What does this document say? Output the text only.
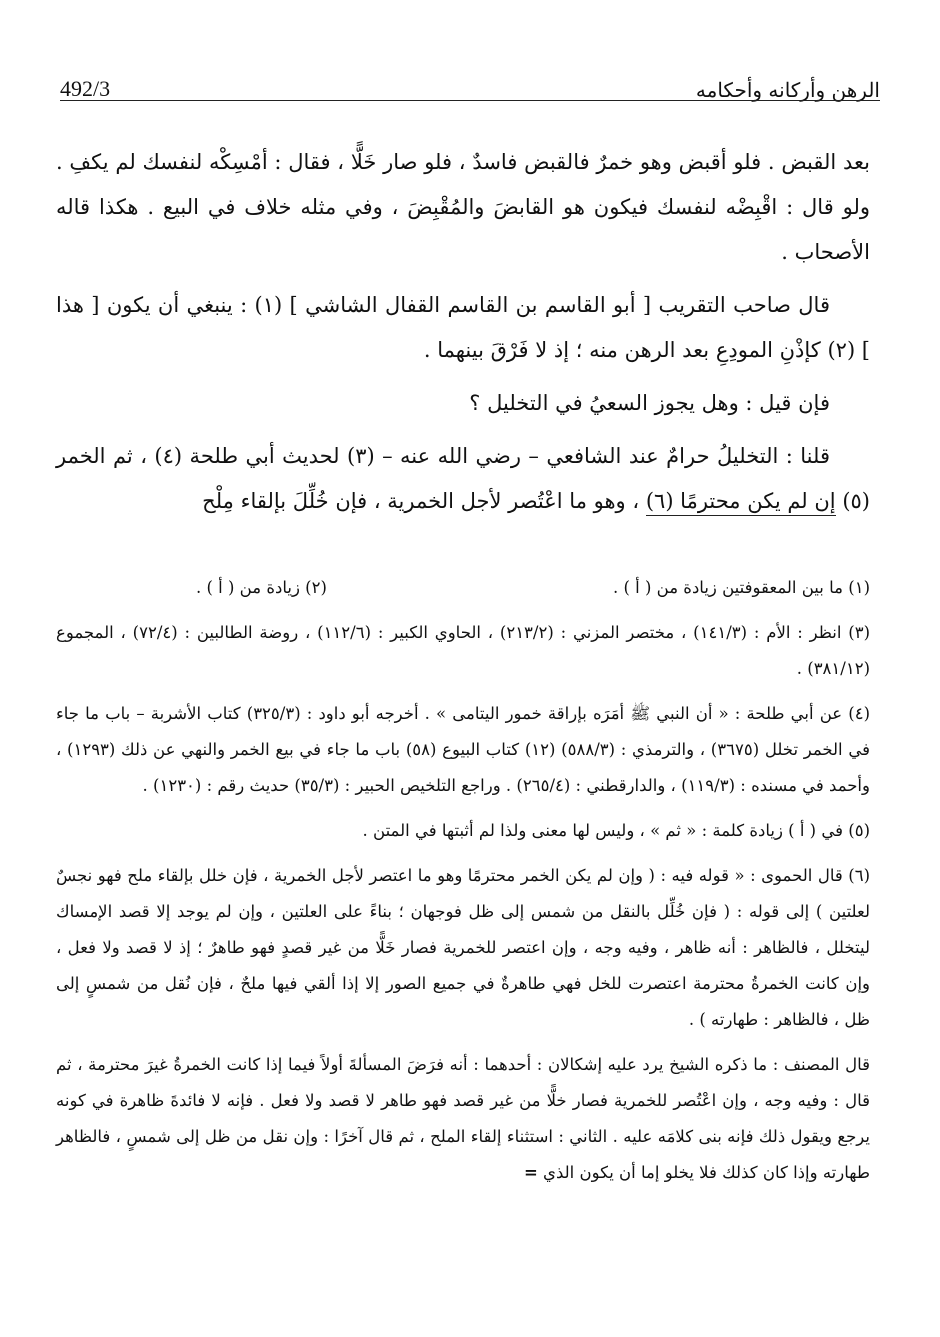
الرهن وأركانه وأحكامه
492/3

بعد القبض . فلو أقبض وهو خمرٌ فالقبض فاسدٌ ، فلو صار خَلًّا ، فقال : أمْسِكْه لنفسك لم يكفِ . ولو قال : اقْبِضْه لنفسك فيكون هو القابضَ والمُقْبِضَ ، وفي مثله خلاف في البيع . هكذا قاله الأصحاب .

قال صاحب التقريب [ أبو القاسم بن القاسم القفال الشاشي ] (١) : ينبغي أن يكون [ هذا ] (٢) كإذْنِ المودِعِ بعد الرهن منه ؛ إذ لا فَرْقَ بينهما .

فإن قيل : وهل يجوز السعيُ في التخليل ؟

قلنا : التخليلُ حرامٌ عند الشافعي – رضي الله عنه – (٣) لحديث أبي طلحة (٤) ، ثم الخمر (٥) إن لم يكن محترمًا (٦) ، وهو ما اعْتُصر لأجل الخمرية ، فإن خُلِّلَ بإلقاء مِلْح

(١) ما بين المعقوفتين زيادة من ( أ ) .
(٢) زيادة من ( أ ) .

(٣) انظر : الأم : (١٤١/٣) ، مختصر المزني : (٢١٣/٢) ، الحاوي الكبير : (١١٢/٦) ، روضة الطالبين : (٧٢/٤) ، المجموع (٣٨١/١٢) .

(٤) عن أبي طلحة : « أن النبي ﷺ أمَرَه بإراقة خمور اليتامى » . أخرجه أبو داود : (٣٢٥/٣) كتاب الأشربة – باب ما جاء في الخمر تخلل (٣٦٧٥) ، والترمذي : (٥٨٨/٣) (١٢) كتاب البيوع (٥٨) باب ما جاء في بيع الخمر والنهي عن ذلك (١٢٩٣) ، وأحمد في مسنده : (١١٩/٣) ، والدارقطني : (٢٦٥/٤) . وراجع التلخيص الحبير : (٣٥/٣) حديث رقم : (١٢٣٠) .

(٥) في ( أ ) زيادة كلمة : « ثم » ، وليس لها معنى ولذا لم أثبتها في المتن .

(٦) قال الحموى : « قوله فيه : ( وإن لم يكن الخمر محترمًا وهو ما اعتصر لأجل الخمرية ، فإن خلل بإلقاء ملح فهو نجسٌ لعلتين ) إلى قوله : ( فإن خُلِّل بالنقل من شمس إلى ظل فوجهان ؛ بناءً على العلتين ، وإن لم يوجد إلا قصد الإمساك ليتخلل ، فالظاهر : أنه ظاهر ، وفيه وجه ، وإن اعتصر للخمرية فصار خَلًّا من غير قصدٍ فهو طاهرٌ ؛ إذ لا قصد ولا فعل ، وإن كانت الخمرةُ محترمة اعتصرت للخل فهي طاهرةٌ في جميع الصور إلا إذا ألقي فيها ملحٌ ، فإن نُقل من شمسٍ إلى ظل ، فالظاهر : طهارته ) .

قال المصنف : ما ذكره الشيخ يرد عليه إشكالان : أحدهما : أنه فرَضَ المسألةَ أولاً فيما إذا كانت الخمرةُ غيرَ محترمة ، ثم قال : وفيه وجه ، وإن اعْتُصر للخمرية فصار خلًّا من غير قصد فهو طاهر لا قصد ولا فعل . فإنه لا فائدةَ ظاهرة في كونه يرجع ويقول ذلك فإنه بنى كلامَه عليه . الثاني : استثناء إلقاء الملح ، ثم قال آخرًا : وإن نقل من ظل إلى شمسٍ ، فالظاهر طهارته وإذا كان كذلك فلا يخلو إما أن يكون الذي =
